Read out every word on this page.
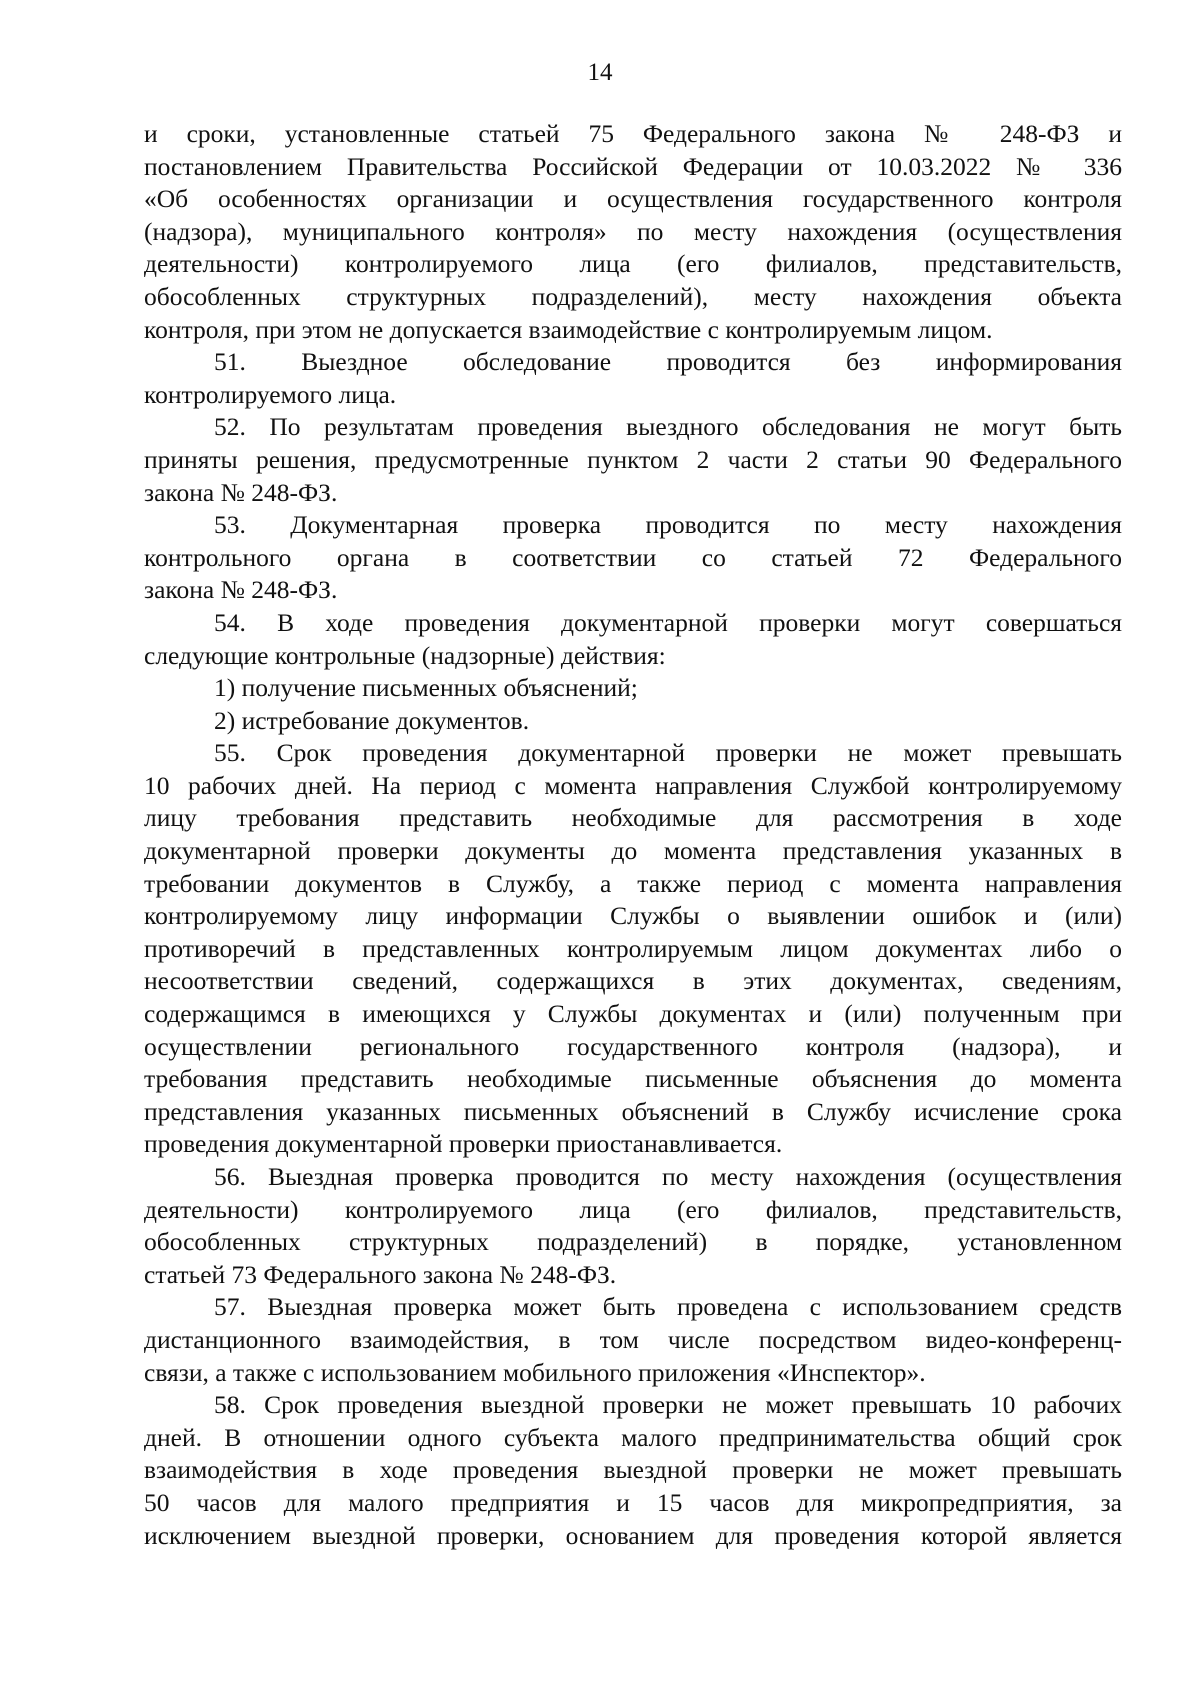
14
и сроки, установленные статьей 75 Федерального закона № 248-ФЗ и
постановлением Правительства Российской Федерации от 10.03.2022 № 336
«Об особенностях организации и осуществления государственного контроля
(надзора), муниципального контроля» по месту нахождения (осуществления
деятельности) контролируемого лица (его филиалов, представительств,
обособленных структурных подразделений), месту нахождения объекта
контроля, при этом не допускается взаимодействие с контролируемым лицом.
51. Выездное обследование проводится без информирования
контролируемого лица.
52. По результатам проведения выездного обследования не могут быть
приняты решения, предусмотренные пунктом 2 части 2 статьи 90 Федерального
закона № 248-ФЗ.
53. Документарная проверка проводится по месту нахождения
контрольного органа в соответствии со статьей 72 Федерального
закона № 248-ФЗ.
54. В ходе проведения документарной проверки могут совершаться
следующие контрольные (надзорные) действия:
1) получение письменных объяснений;
2) истребование документов.
55. Срок проведения документарной проверки не может превышать
10 рабочих дней. На период с момента направления Службой контролируемому
лицу требования представить необходимые для рассмотрения в ходе
документарной проверки документы до момента представления указанных в
требовании документов в Службу, а также период с момента направления
контролируемому лицу информации Службы о выявлении ошибок и (или)
противоречий в представленных контролируемым лицом документах либо о
несоответствии сведений, содержащихся в этих документах, сведениям,
содержащимся в имеющихся у Службы документах и (или) полученным при
осуществлении регионального государственного контроля (надзора), и
требования представить необходимые письменные объяснения до момента
представления указанных письменных объяснений в Службу исчисление срока
проведения документарной проверки приостанавливается.
56. Выездная проверка проводится по месту нахождения (осуществления
деятельности) контролируемого лица (его филиалов, представительств,
обособленных структурных подразделений) в порядке, установленном
статьей 73 Федерального закона № 248-ФЗ.
57. Выездная проверка может быть проведена с использованием средств
дистанционного взаимодействия, в том числе посредством видео-конференц-
связи, а также с использованием мобильного приложения «Инспектор».
58. Срок проведения выездной проверки не может превышать 10 рабочих
дней. В отношении одного субъекта малого предпринимательства общий срок
взаимодействия в ходе проведения выездной проверки не может превышать
50 часов для малого предприятия и 15 часов для микропредприятия, за
исключением выездной проверки, основанием для проведения которой является
